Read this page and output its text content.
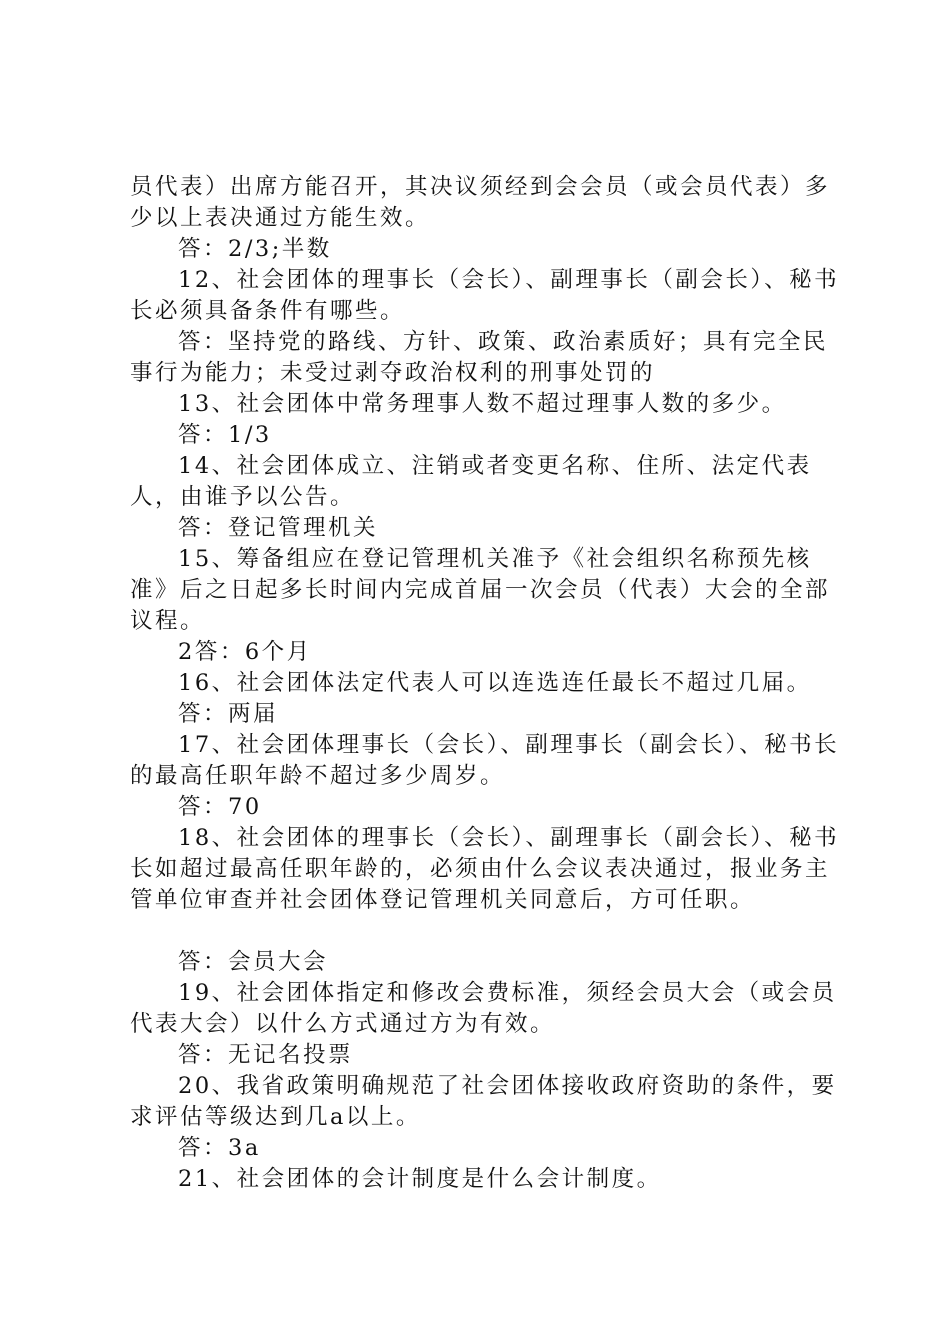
员代表）出席方能召开，其决议须经到会会员（或会员代表）多少以上表决通过方能生效。

答：2/3;半数

12、社会团体的理事长（会长）、副理事长（副会长）、秘书长必须具备条件有哪些。

答：坚持党的路线、方针、政策、政治素质好；具有完全民事行为能力；未受过剥夺政治权利的刑事处罚的

13、社会团体中常务理事人数不超过理事人数的多少。

答：1/3

14、社会团体成立、注销或者变更名称、住所、法定代表人，由谁予以公告。

答：登记管理机关

15、筹备组应在登记管理机关准予《社会组织名称预先核准》后之日起多长时间内完成首届一次会员（代表）大会的全部议程。

2答：6个月

16、社会团体法定代表人可以连选连任最长不超过几届。

答：两届

17、社会团体理事长（会长）、副理事长（副会长）、秘书长的最高任职年龄不超过多少周岁。

答：70

18、社会团体的理事长（会长）、副理事长（副会长）、秘书长如超过最高任职年龄的，必须由什么会议表决通过，报业务主管单位审查并社会团体登记管理机关同意后，方可任职。

答：会员大会

19、社会团体指定和修改会费标准，须经会员大会（或会员代表大会）以什么方式通过方为有效。

答：无记名投票

20、我省政策明确规范了社会团体接收政府资助的条件，要求评估等级达到几a以上。

答：3a

21、社会团体的会计制度是什么会计制度。
